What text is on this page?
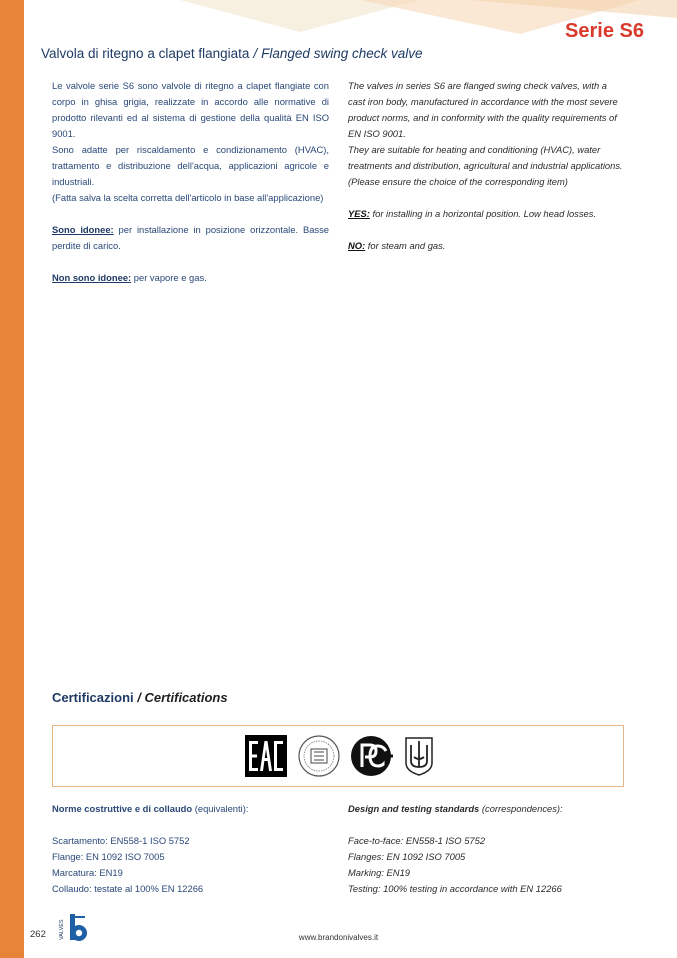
Serie S6
Valvola di ritegno a clapet flangiata / Flanged swing check valve

Le valvole serie S6 sono valvole di ritegno a clapet flangiate con corpo in ghisa grigia, realizzate in accordo alle normative di prodotto rilevanti ed al sistema di gestione della qualità EN ISO 9001.

Sono adatte per riscaldamento e condizionamento (HVAC), trattamento e distribuzione dell'acqua, applicazioni agricole e industriali.

(Fatta salva la scelta corretta dell'articolo in base all'applicazione)

Sono idonee: per installazione in posizione orizzontale. Basse perdite di carico.

Non sono idonee: per vapore e gas.

The valves in series S6 are flanged swing check valves, with a cast iron body, manufactured in accordance with the most severe product norms, and in conformity with the quality requirements of EN ISO 9001.

They are suitable for heating and conditioning (HVAC), water treatments and distribution, agricultural and industrial applications.

(Please ensure the choice of the corresponding item)

YES: for installing in a horizontal position. Low head losses.

NO: for steam and gas.

Certificazioni / Certifications

Norme costruttive e di collaudo (equivalenti):

Scartamento: EN558-1 ISO 5752

Flange: EN 1092 ISO 7005

Marcatura: EN19

Collaudo: testate al 100% EN 12266

Design and testing standards (correspondences):

Face-to-face: EN558-1 ISO 5752

Flanges: EN 1092 ISO 7005

Marking: EN19

Testing: 100% testing in accordance with EN 12266

262 VALVES	www.brandonivalves.it
